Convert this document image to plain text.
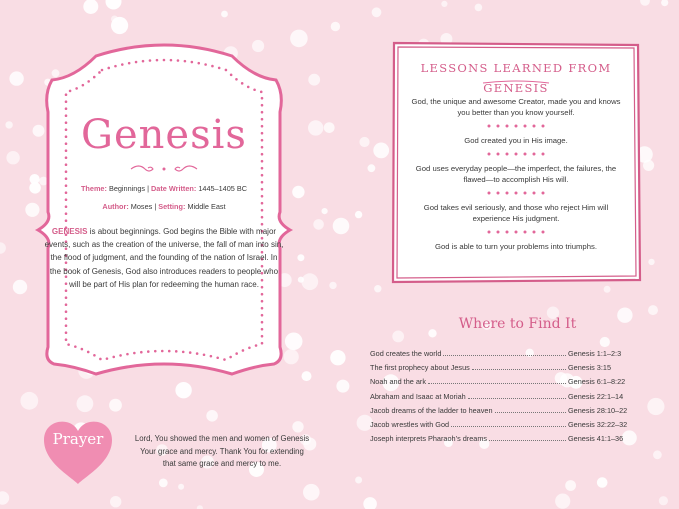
Genesis
Theme: Beginnings | Date Written: 1445–1405 BC
Author: Moses | Setting: Middle East
GENESIS is about beginnings. God begins the Bible with major events, such as the creation of the universe, the fall of man into sin, the flood of judgment, and the founding of the nation of Israel. In the book of Genesis, God also introduces readers to people who will be part of His plan for redeeming the human race.
Prayer	Lord, You showed the men and women of Genesis Your grace and mercy. Thank You for extending that same grace and mercy to me.
LESSONS LEARNED FROM GENESIS
God, the unique and awesome Creator, made you and knows you better than you know yourself.
God created you in His image.
God uses everyday people—the imperfect, the failures, the flawed—to accomplish His will.
God takes evil seriously, and those who reject Him will experience His judgment.
God is able to turn your problems into triumphs.
Where to Find It
God creates the world	Genesis 1:1–2:3
The first prophecy about Jesus	Genesis 3:15
Noah and the ark	Genesis 6:1–8:22
Abraham and Isaac at Moriah	Genesis 22:1–14
Jacob dreams of the ladder to heaven	Genesis 28:10–22
Jacob wrestles with God	Genesis 32:22–32
Joseph interprets Pharaoh’s dreams	Genesis 41:1–36
